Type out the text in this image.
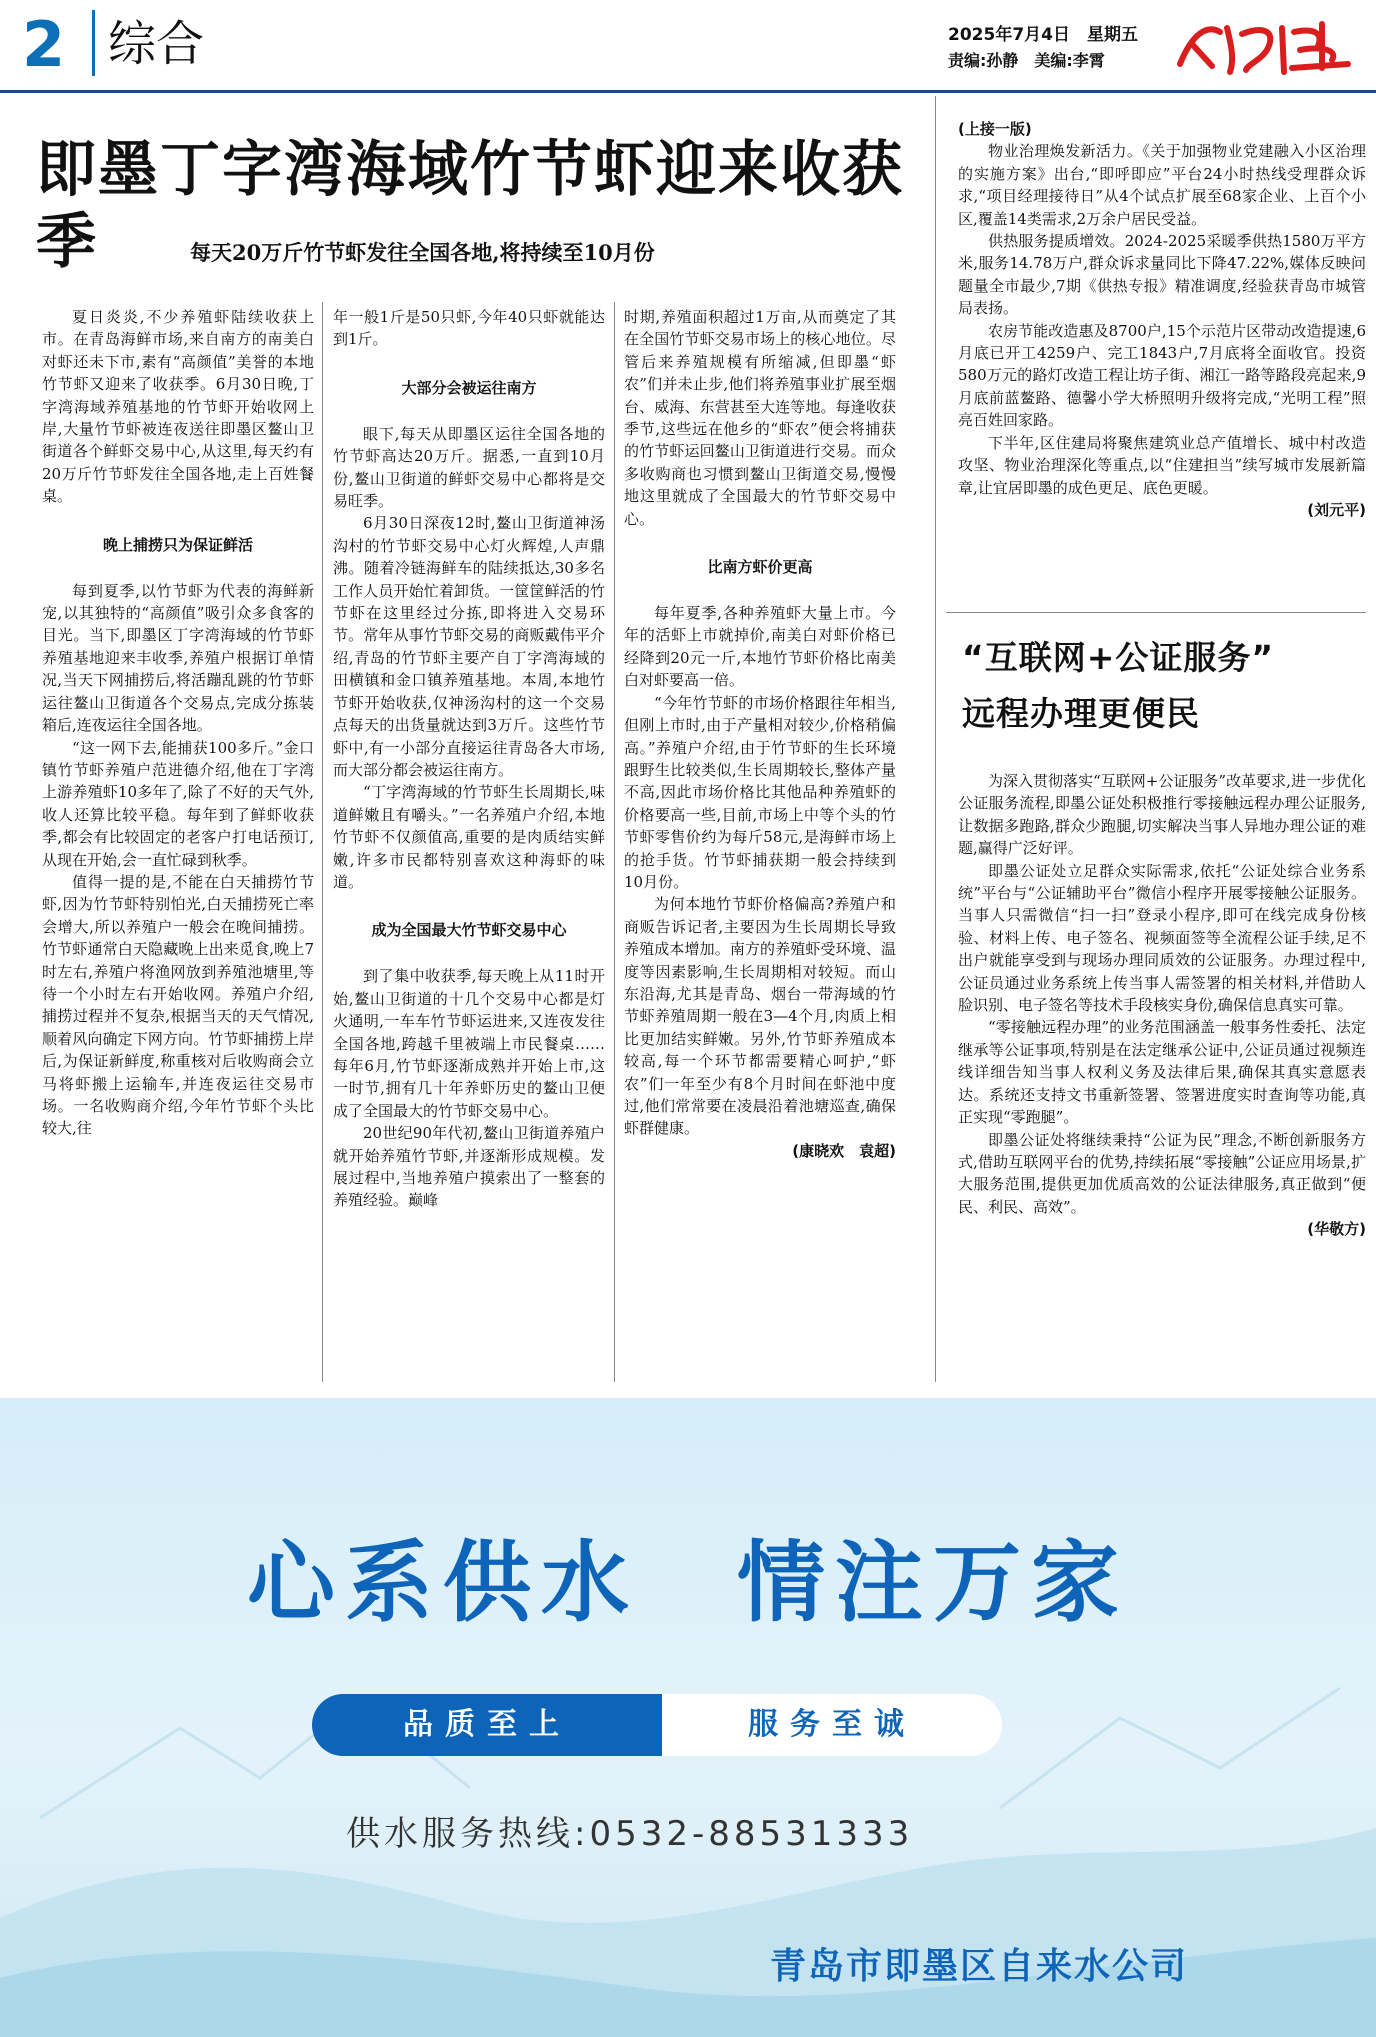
2 综合	2025年7月4日　星期五
责编:孙静　美编:李霄
即墨丁字湾海域竹节虾迎来收获季	每天20万斤竹节虾发往全国各地,将持续至10月份

夏日炎炎,不少养殖虾陆续收获上市。在青岛海鲜市场,来自南方的南美白对虾还未下市,素有“高颜值”美誉的本地竹节虾又迎来了收获季。6月30日晚,丁字湾海域养殖基地的竹节虾开始收网上岸,大量竹节虾被连夜送往即墨区鳌山卫街道各个鲜虾交易中心,从这里,每天约有20万斤竹节虾发往全国各地,走上百姓餐桌。

晚上捕捞只为保证鲜活

每到夏季,以竹节虾为代表的海鲜新宠,以其独特的“高颜值”吸引众多食客的目光。当下,即墨区丁字湾海域的竹节虾养殖基地迎来丰收季,养殖户根据订单情况,当天下网捕捞后,将活蹦乱跳的竹节虾运往鳌山卫街道各个交易点,完成分拣装箱后,连夜运往全国各地。

“这一网下去,能捕获100多斤。”金口镇竹节虾养殖户范进德介绍,他在丁字湾上游养殖虾10多年了,除了不好的天气外,收人还算比较平稳。每年到了鲜虾收获季,都会有比较固定的老客户打电话预订,从现在开始,会一直忙碌到秋季。

值得一提的是,不能在白天捕捞竹节虾,因为竹节虾特别怕光,白天捕捞死亡率会增大,所以养殖户一般会在晚间捕捞。竹节虾通常白天隐藏晚上出来觅食,晚上7时左右,养殖户将渔网放到养殖池塘里,等待一个小时左右开始收网。养殖户介绍,捕捞过程并不复杂,根据当天的天气情况,顺着风向确定下网方向。竹节虾捕捞上岸后,为保证新鲜度,称重核对后收购商会立马将虾搬上运输车,并连夜运往交易市场。一名收购商介绍,今年竹节虾个头比较大,往

年一般1斤是50只虾,今年40只虾就能达到1斤。

大部分会被运往南方

眼下,每天从即墨区运往全国各地的竹节虾高达20万斤。据悉,一直到10月份,鳌山卫街道的鲜虾交易中心都将是交易旺季。

6月30日深夜12时,鳌山卫街道神汤沟村的竹节虾交易中心灯火辉煌,人声鼎沸。随着冷链海鲜车的陆续抵达,30多名工作人员开始忙着卸货。一筐筐鲜活的竹节虾在这里经过分拣,即将进入交易环节。常年从事竹节虾交易的商贩戴伟平介绍,青岛的竹节虾主要产自丁字湾海域的田横镇和金口镇养殖基地。本周,本地竹节虾开始收获,仅神汤沟村的这一个交易点每天的出货量就达到3万斤。这些竹节虾中,有一小部分直接运往青岛各大市场,而大部分都会被运往南方。

“丁字湾海域的竹节虾生长周期长,味道鲜嫩且有嚼头。”一名养殖户介绍,本地竹节虾不仅颜值高,重要的是肉质结实鲜嫩,许多市民都特别喜欢这种海虾的味道。

成为全国最大竹节虾交易中心

到了集中收获季,每天晚上从11时开始,鳌山卫街道的十几个交易中心都是灯火通明,一车车竹节虾运进来,又连夜发往全国各地,跨越千里被端上市民餐桌……每年6月,竹节虾逐渐成熟并开始上市,这一时节,拥有几十年养虾历史的鳌山卫便成了全国最大的竹节虾交易中心。

20世纪90年代初,鳌山卫街道养殖户就开始养殖竹节虾,并逐渐形成规模。发展过程中,当地养殖户摸索出了一整套的养殖经验。巅峰

时期,养殖面积超过1万亩,从而奠定了其在全国竹节虾交易市场上的核心地位。尽管后来养殖规模有所缩减,但即墨“虾农”们并未止步,他们将养殖事业扩展至烟台、威海、东营甚至大连等地。每逢收获季节,这些远在他乡的“虾农”便会将捕获的竹节虾运回鳌山卫街道进行交易。而众多收购商也习惯到鳌山卫街道交易,慢慢地这里就成了全国最大的竹节虾交易中心。

比南方虾价更高

每年夏季,各种养殖虾大量上市。今年的活虾上市就掉价,南美白对虾价格已经降到20元一斤,本地竹节虾价格比南美白对虾要高一倍。

“今年竹节虾的市场价格跟往年相当,但刚上市时,由于产量相对较少,价格稍偏高。”养殖户介绍,由于竹节虾的生长环境跟野生比较类似,生长周期较长,整体产量不高,因此市场价格比其他品种养殖虾的价格要高一些,目前,市场上中等个头的竹节虾零售价约为每斤58元,是海鲜市场上的抢手货。竹节虾捕获期一般会持续到10月份。

为何本地竹节虾价格偏高?养殖户和商贩告诉记者,主要因为生长周期长导致养殖成本增加。南方的养殖虾受环境、温度等因素影响,生长周期相对较短。而山东沿海,尤其是青岛、烟台一带海域的竹节虾养殖周期一般在3—4个月,肉质上相比更加结实鲜嫩。另外,竹节虾养殖成本较高,每一个环节都需要精心呵护,“虾农”们一年至少有8个月时间在虾池中度过,他们常常要在凌晨沿着池塘巡查,确保虾群健康。

(康晓欢　袁超)

(上接一版)

物业治理焕发新活力。《关于加强物业党建融入小区治理的实施方案》出台,“即呼即应”平台24小时热线受理群众诉求,“项目经理接待日”从4个试点扩展至68家企业、上百个小区,覆盖14类需求,2万余户居民受益。

供热服务提质增效。2024-2025采暖季供热1580万平方米,服务14.78万户,群众诉求量同比下降47.22%,媒体反映问题量全市最少,7期《供热专报》精准调度,经验获青岛市城管局表扬。

农房节能改造惠及8700户,15个示范片区带动改造提速,6月底已开工4259户、完工1843户,7月底将全面收官。投资580万元的路灯改造工程让坊子街、湘江一路等路段亮起来,9月底前蓝鳌路、德馨小学大桥照明升级将完成,“光明工程”照亮百姓回家路。

下半年,区住建局将聚焦建筑业总产值增长、城中村改造攻坚、物业治理深化等重点,以“住建担当”续写城市发展新篇章,让宜居即墨的成色更足、底色更暖。

(刘元平)

“互联网+公证服务”
远程办理更便民

为深入贯彻落实“互联网+公证服务”改革要求,进一步优化公证服务流程,即墨公证处积极推行零接触远程办理公证服务,让数据多跑路,群众少跑腿,切实解决当事人异地办理公证的难题,赢得广泛好评。

即墨公证处立足群众实际需求,依托“公证处综合业务系统”平台与“公证辅助平台”微信小程序开展零接触公证服务。当事人只需微信“扫一扫”登录小程序,即可在线完成身份核验、材料上传、电子签名、视频面签等全流程公证手续,足不出户就能享受到与现场办理同质效的公证服务。办理过程中,公证员通过业务系统上传当事人需签署的相关材料,并借助人脸识别、电子签名等技术手段核实身份,确保信息真实可靠。

“零接触远程办理”的业务范围涵盖一般事务性委托、法定继承等公证事项,特别是在法定继承公证中,公证员通过视频连线详细告知当事人权利义务及法律后果,确保其真实意愿表达。系统还支持文书重新签署、签署进度实时查询等功能,真正实现“零跑腿”。

即墨公证处将继续秉持“公证为民”理念,不断创新服务方式,借助互联网平台的优势,持续拓展“零接触”公证应用场景,扩大服务范围,提供更加优质高效的公证法律服务,真正做到“便民、利民、高效”。

(华敬方)

心系供水　情注万家
品质至上	服务至诚
供水服务热线:0532-88531333
青岛市即墨区自来水公司
